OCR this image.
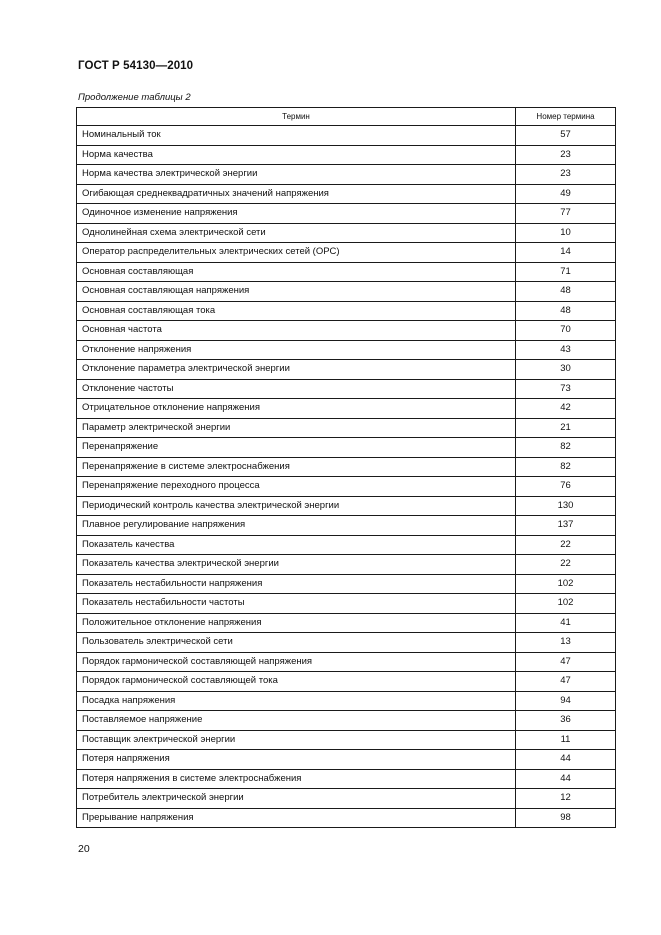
ГОСТ Р 54130—2010
Продолжение таблицы 2
Термин	Номер термина
Номинальный ток	57
Норма качества	23
Норма качества электрической энергии	23
Огибающая среднеквадратичных значений напряжения	49
Одиночное изменение напряжения	77
Однолинейная схема электрической сети	10
Оператор распределительных электрических сетей (ОРС)	14
Основная составляющая	71
Основная составляющая напряжения	48
Основная составляющая тока	48
Основная частота	70
Отклонение напряжения	43
Отклонение параметра электрической энергии	30
Отклонение частоты	73
Отрицательное отклонение напряжения	42
Параметр электрической энергии	21
Перенапряжение	82
Перенапряжение в системе электроснабжения	82
Перенапряжение переходного процесса	76
Периодический контроль качества электрической энергии	130
Плавное регулирование напряжения	137
Показатель качества	22
Показатель качества электрической энергии	22
Показатель нестабильности напряжения	102
Показатель нестабильности частоты	102
Положительное отклонение напряжения	41
Пользователь электрической сети	13
Порядок гармонической составляющей напряжения	47
Порядок гармонической составляющей тока	47
Посадка напряжения	94
Поставляемое напряжение	36
Поставщик электрической энергии	11
Потеря напряжения	44
Потеря напряжения в системе электроснабжения	44
Потребитель электрической энергии	12
Прерывание напряжения	98
20
